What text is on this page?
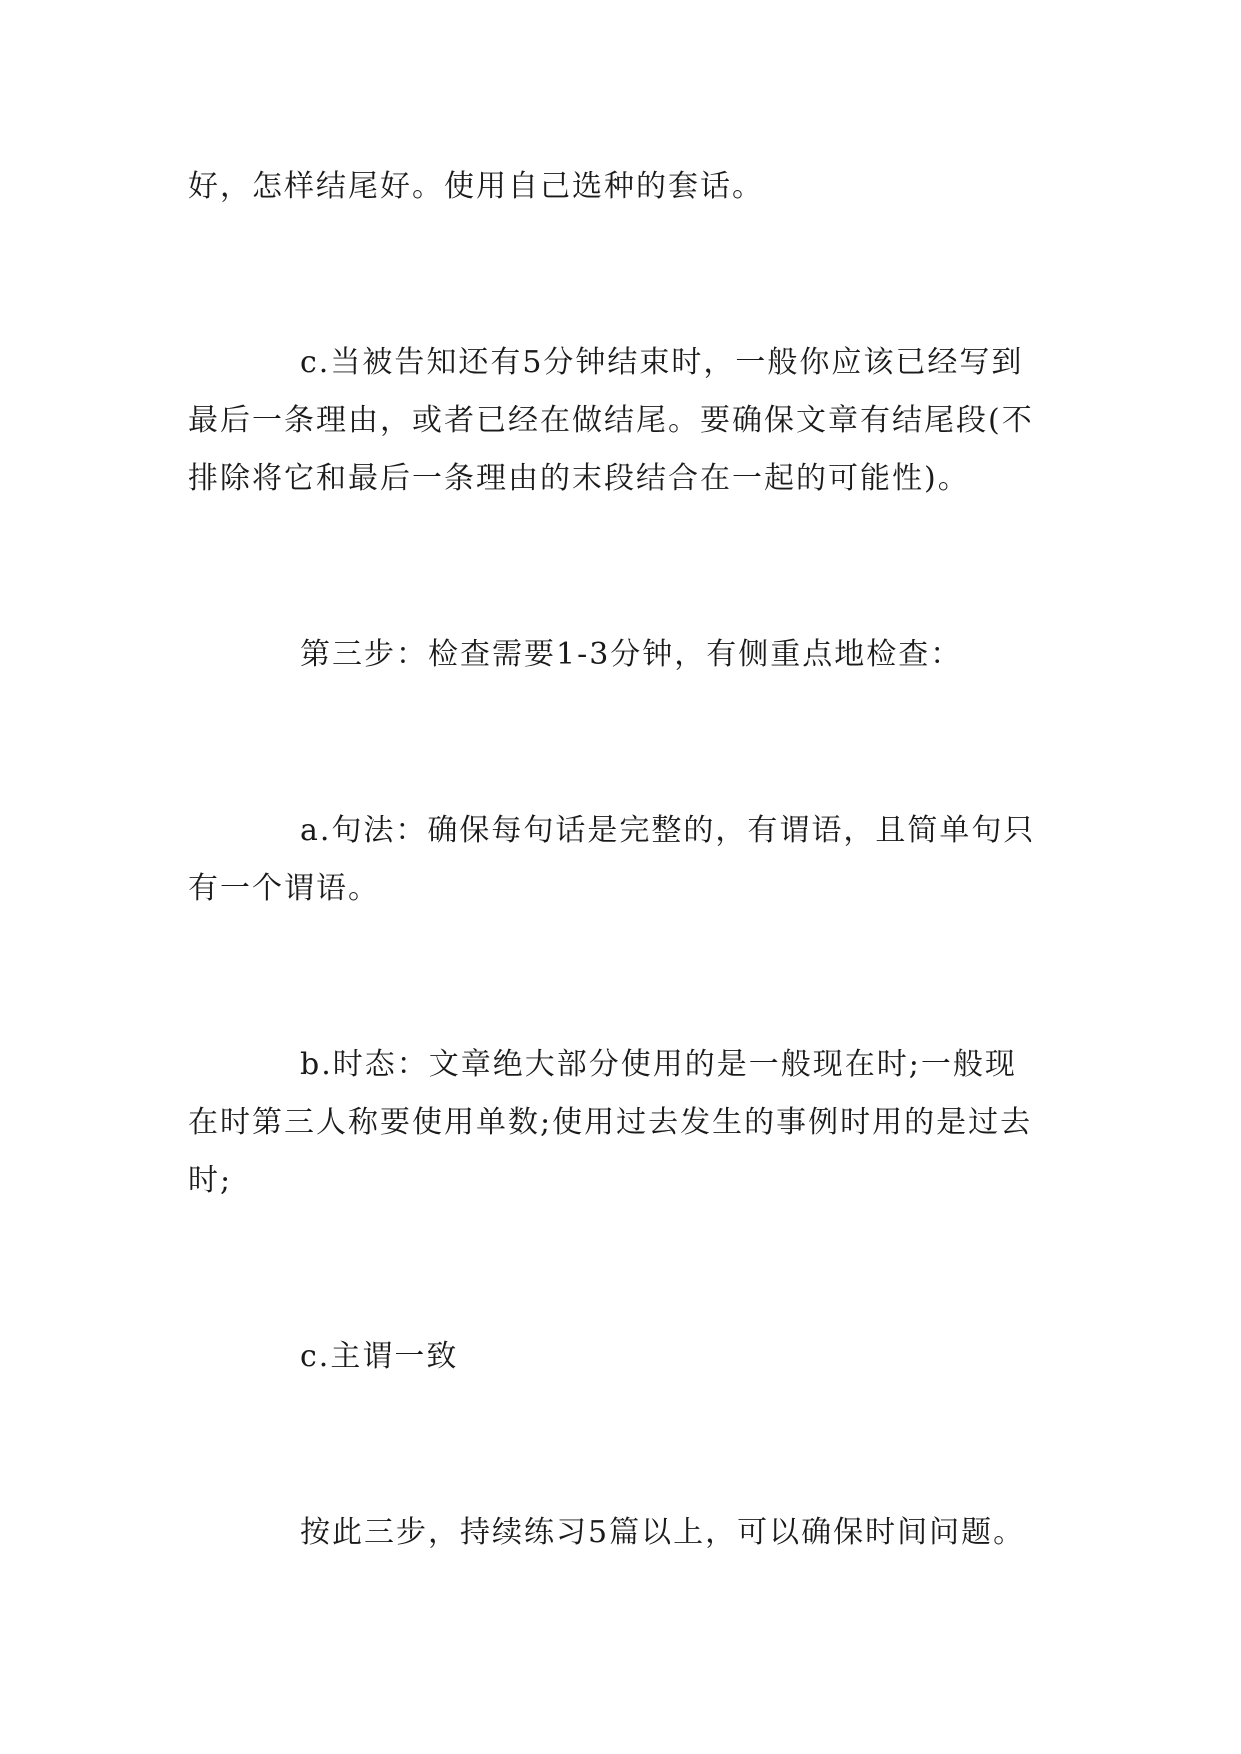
好，怎样结尾好。使用自己选种的套话。

c.当被告知还有5分钟结束时，一般你应该已经写到最后一条理由，或者已经在做结尾。要确保文章有结尾段(不排除将它和最后一条理由的末段结合在一起的可能性)。

第三步：检查需要1-3分钟，有侧重点地检查：

a.句法：确保每句话是完整的，有谓语，且简单句只有一个谓语。

b.时态：文章绝大部分使用的是一般现在时;一般现在时第三人称要使用单数;使用过去发生的事例时用的是过去时;

c.主谓一致

按此三步，持续练习5篇以上，可以确保时间问题。
